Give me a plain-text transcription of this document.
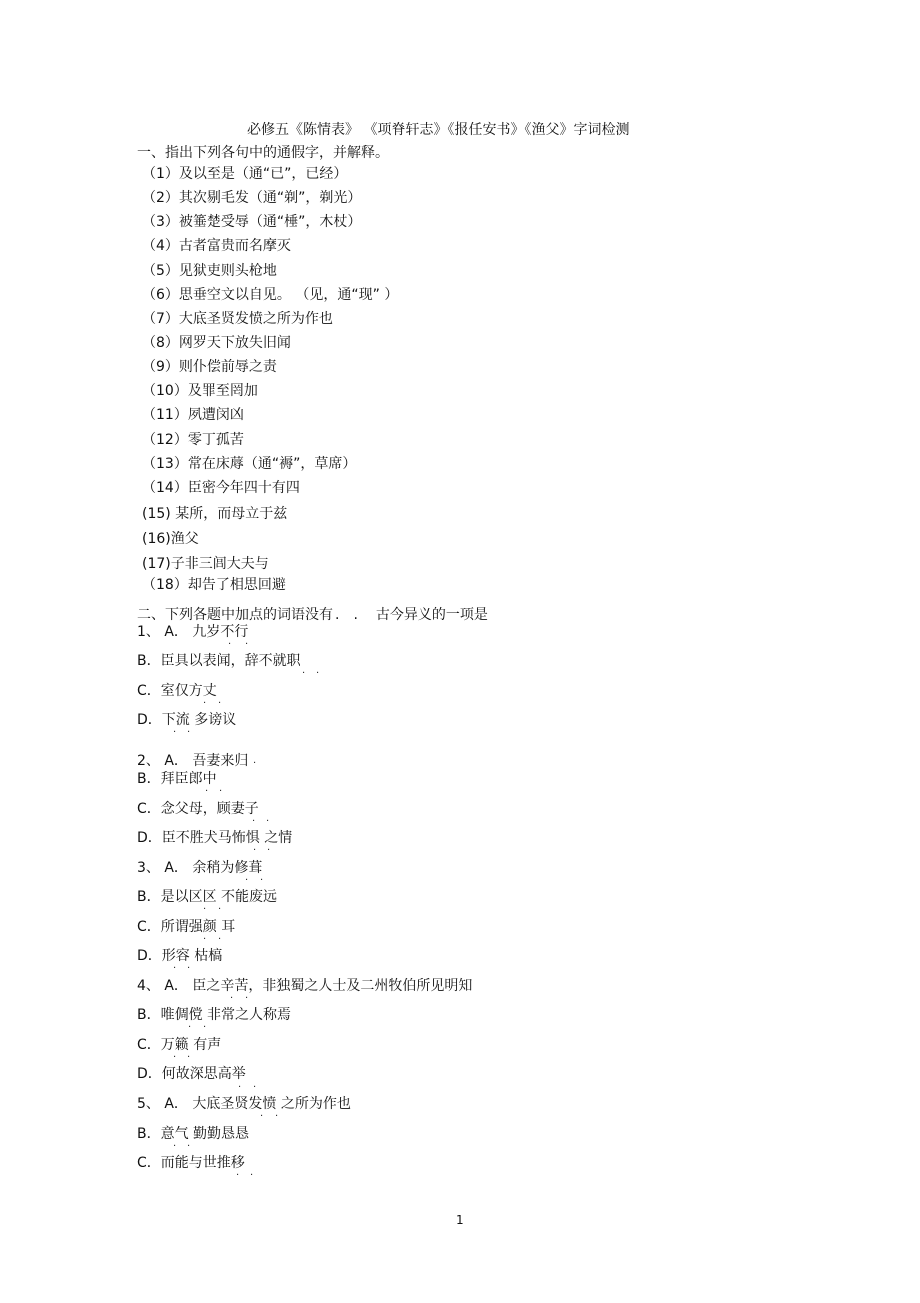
必修五《陈情表》 《项脊轩志》《报任安书》《渔父》字词检测
一、指出下列各句中的通假字，并解释。
（1）及以至是（通“已”，已经）
（2）其次剔毛发（通“剃”，剃光）
（3）被箠楚受辱（通“棰”，木杖）
（4）古者富贵而名摩灭
（5）见狱吏则头枪地
（6）思垂空文以自见。 （见，通“现” ）
（7）大底圣贤发愤之所为作也
（8）网罗天下放失旧闻
（9）则仆偿前辱之责
（10）及罪至罔加
（11）夙遭闵凶
（12）零丁孤苦
（13）常在床蓐（通“褥”，草席）
（14）臣密今年四十有四
(15) 某所，而母立于兹
(16)渔父
(17)子非三闾大夫与
（18）却告了相思回避
二、下列各题中加点的词语没有 .. 古今异义的一项是
1、 A． 九岁不行
B．臣具以表闻，辞不就职
C．室仅方丈
D．下流 多谤议
2、 A． 吾妻来归
B．拜臣郎中
C．念父母，顾妻子
D．臣不胜犬马怖惧 之情
3、 A． 余稍为修葺
B．是以区区 不能废远
C．所谓强颜 耳
D．形容 枯槁
4、 A． 臣之辛苦，非独蜀之人士及二州牧伯所见明知
B．唯倜傥 非常之人称焉
C．万籁 有声
D．何故深思高举
5、 A． 大底圣贤发愤 之所为作也
B．意气 勤勤恳恳
C．而能与世推移
· ·
· ·
· ·
· ·
·
· ·
· ·
· ·
· ·
· ·
· ·
· ·
· ·
· ·
· ·
· ·
· ·
· ·
· ·
1
